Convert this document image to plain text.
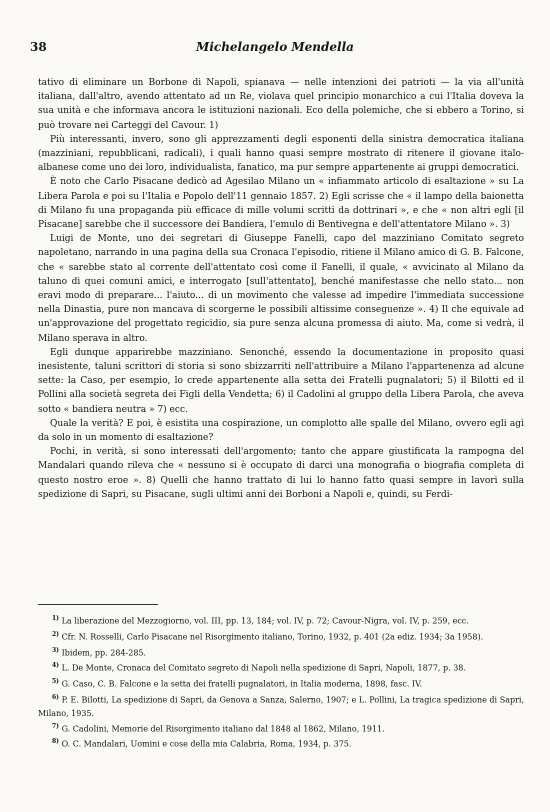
38	Michelangelo Mendella

tativo di eliminare un Borbone di Napoli, spianava — nelle intenzioni dei patrioti — la via all'unità italiana, dall'altro, avendo attentato ad un Re, violava quel principio monarchico a cui l'Italia doveva la sua unità e che informava ancora le istituzioni nazionali. Eco della polemiche, che si ebbero a Torino, si può trovare nei Carteggi del Cavour. 1)

Più interessanti, invero, sono gli apprezzamenti degli esponenti della sinistra democratica italiana (mazziniani, repubblicani, radicali), i quali hanno quasi sempre mostrato di ritenere il giovane italo-albanese come uno dei loro, individualista, fanatico, ma pur sempre appartenente ai gruppi democratici.

È noto che Carlo Pisacane dedicò ad Agesilao Milano un « infiammato articolo di esaltazione » su La Libera Parola e poi su l'Italia e Popolo dell'11 gennaio 1857. 2) Egli scrisse che « il lampo della baionetta di Milano fu una propaganda più efficace di mille volumi scritti da dottrinari », e che « non altri egli [il Pisacane] sarebbe che il successore dei Bandiera, l'emulo di Bentivegna e dell'attentatore Milano ». 3)

Luigi de Monte, uno dei segretari di Giuseppe Fanelli, capo del mazziniano Comitato segreto napoletano, narrando in una pagina della sua Cronaca l'episodio, ritiene il Milano amico di G. B. Falcone, che « sarebbe stato al corrente dell'attentato così come il Fanelli, il quale, « avvicinato al Milano da taluno di quei comuni amici, e interrogato [sull'attentato], benché manifestasse che nello stato... non eravi modo di preparare... l'aiuto... di un movimento che valesse ad impedire l'immediata successione nella Dinastia, pure non mancava di scorgerne le possibili altissime conseguenze ». 4) Il che equivale ad un'approvazione del progettato regicidio, sia pure senza alcuna promessa di aiuto. Ma, come si vedrà, il Milano sperava in altro.

Egli dunque apparirebbe mazziniano. Senonché, essendo la documentazione in proposito quasi inesistente, taluni scrittori di storia si sono sbizzarriti nell'attribuire a Milano l'appartenenza ad alcune sette: la Caso, per esempio, lo crede appartenente alla setta dei Fratelli pugnalatori; 5) il Bilotti ed il Pollini alla società segreta dei Figli della Vendetta; 6) il Cadolini al gruppo della Libera Parola, che aveva sotto « bandiera neutra » 7) ecc.

Quale la verità? E poi, è esistita una cospirazione, un complotto alle spalle del Milano, ovvero egli agì da solo in un momento di esaltazione?

Pochi, in verità, si sono interessati dell'argomento; tanto che appare giustificata la rampogna del Mandalari quando rileva che « nessuno si è occupato di darci una monografia o biografia completa di questo nostro eroe ». 8) Quelli che hanno trattato di lui lo hanno fatto quasi sempre in lavori sulla spedizione di Sapri, su Pisacane, sugli ultimi anni dei Borboni a Napoli e, quindi, su Ferdi-

$^{1)}$ La liberazione del Mezzogiorno, vol. III, pp. 13, 184; vol. IV, p. 72; Cavour-Nigra, vol. IV, p. 259, ecc.

$^{2)}$ Cfr. N. Rosselli, Carlo Pisacane nel Risorgimento italiano, Torino, 1932, p. 401 (2a ediz. 1934; 3a 1958).

$^{3)}$ Ibidem, pp. 284-285.

$^{4)}$ L. De Monte, Cronaca del Comitato segreto di Napoli nella spedizione di Sapri, Napoli, 1877, p. 38.

$^{5)}$ G. Caso, C. B. Falcone e la setta dei fratelli pugnalatori, in Italia moderna, 1898, fasc. IV.

$^{6)}$ P. E. Bilotti, La spedizione di Sapri, da Genova a Sanza, Salerno, 1907; e L. Pollini, La tragica spedizione di Sapri, Milano, 1935.

$^{7)}$ G. Cadolini, Memorie del Risorgimento italiano dal 1848 al 1862, Milano, 1911.

$^{8)}$ O. C. Mandalari, Uomini e cose della mia Calabria, Roma, 1934, p. 375.
